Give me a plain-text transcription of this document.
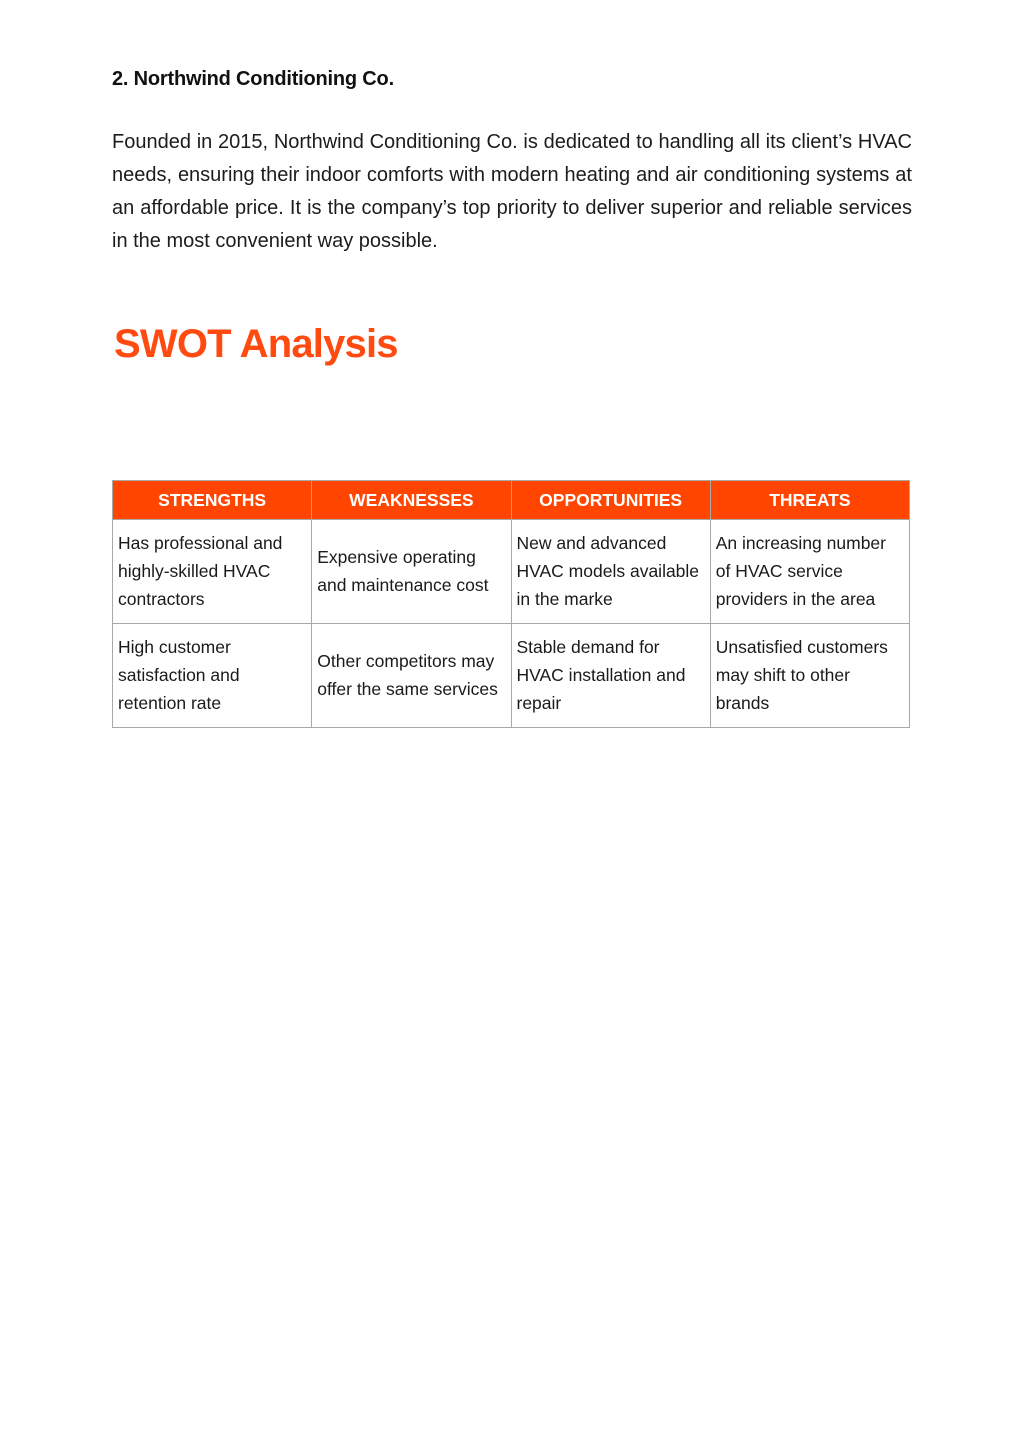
2. Northwind Conditioning Co.

Founded in 2015, Northwind Conditioning Co. is dedicated to handling all its client’s HVAC needs, ensuring their indoor comforts with modern heating and air conditioning systems at an affordable price. It is the company’s top priority to deliver superior and reliable services in the most convenient way possible.

SWOT Analysis
STRENGTHS	WEAKNESSES	OPPORTUNITIES	THREATS
Has professional and highly-skilled HVAC contractors	Expensive operating and maintenance cost	New and advanced HVAC models available in the marke	An increasing number of HVAC service providers in the area
High customer satisfaction and retention rate	Other competitors may offer the same services	Stable demand for HVAC installation and repair	Unsatisfied customers may shift to other brands
